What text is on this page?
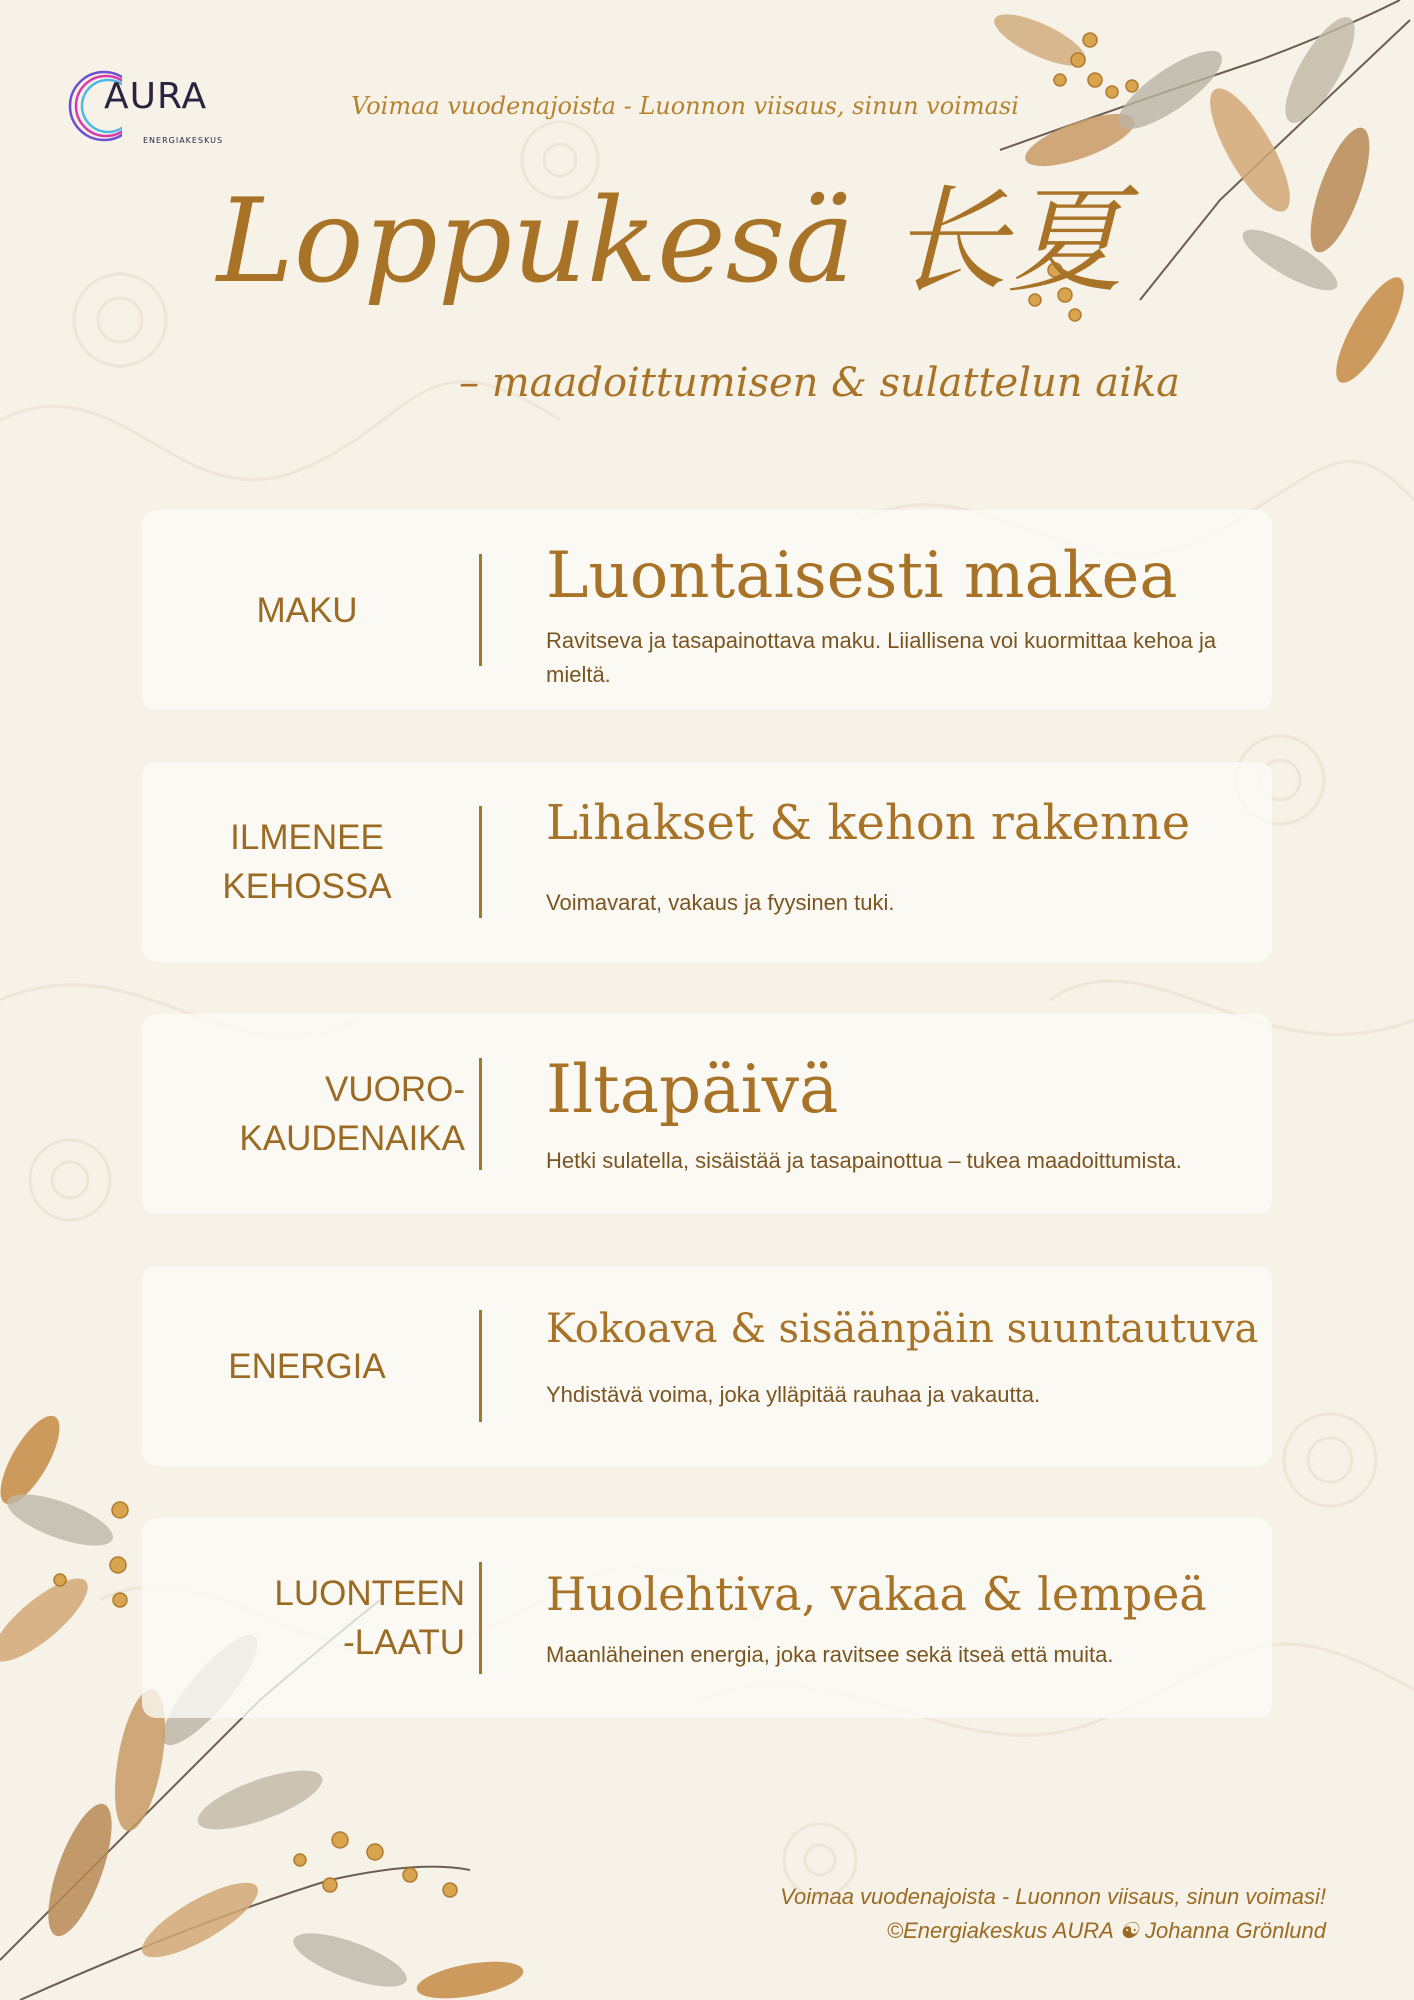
AURA
ENERGIAKESKUS
Voimaa vuodenajoista - Luonnon viisaus, sinun voimasi
Loppukesä 长夏
– maadoittumisen & sulattelun aika
MAKU	Luontaisesti makea
Ravitseva ja tasapainottava maku. Liiallisena voi kuormittaa kehoa ja mieltä.
ILMENEE
KEHOSSA
Lihakset & kehon rakenne
Voimavarat, vakaus ja fyysinen tuki.
VUORO-
KAUDENAIKA
Iltapäivä
Hetki sulatella, sisäistää ja tasapainottua – tukea maadoittumista.
ENERGIA
Kokoava & sisäänpäin suuntautuva
Yhdistävä voima, joka ylläpitää rauhaa ja vakautta.
LUONTEEN
-LAATU
Huolehtiva, vakaa & lempeä
Maanläheinen energia, joka ravitsee sekä itseä että muita.
Voimaa vuodenajoista - Luonnon viisaus, sinun voimasi!
©Energiakeskus AURA ☯ Johanna Grönlund
